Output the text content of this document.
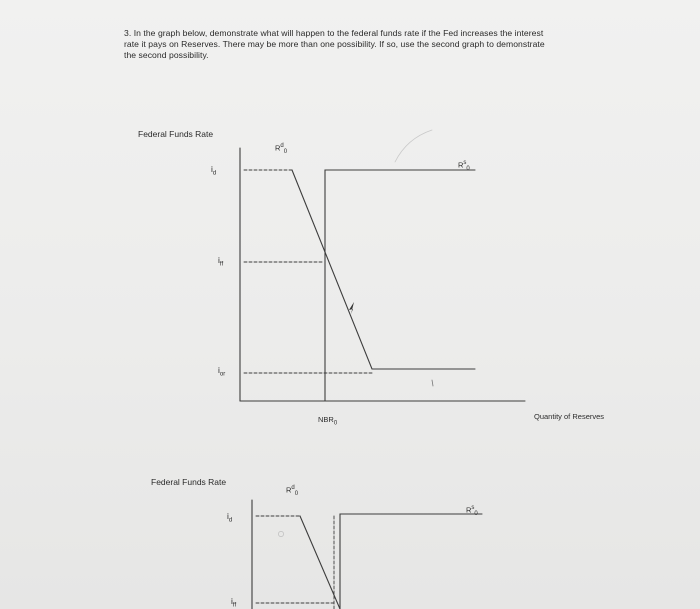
3. In the graph below, demonstrate what will happen to the federal funds rate if the Fed increases the interest
rate it pays on Reserves. There may be more than one possibility. If so, use the second graph to demonstrate
the second possibility.

Federal Funds Rate
Quantity of Reserves
$i_d$
$i_{ff}$
$i_{or}$
$R^d_0$
$R^s_0$
$NBR_0$
Federal Funds Rate
$i_d$
$i_{ff}$
$R^d_0$
$R^s_0$
